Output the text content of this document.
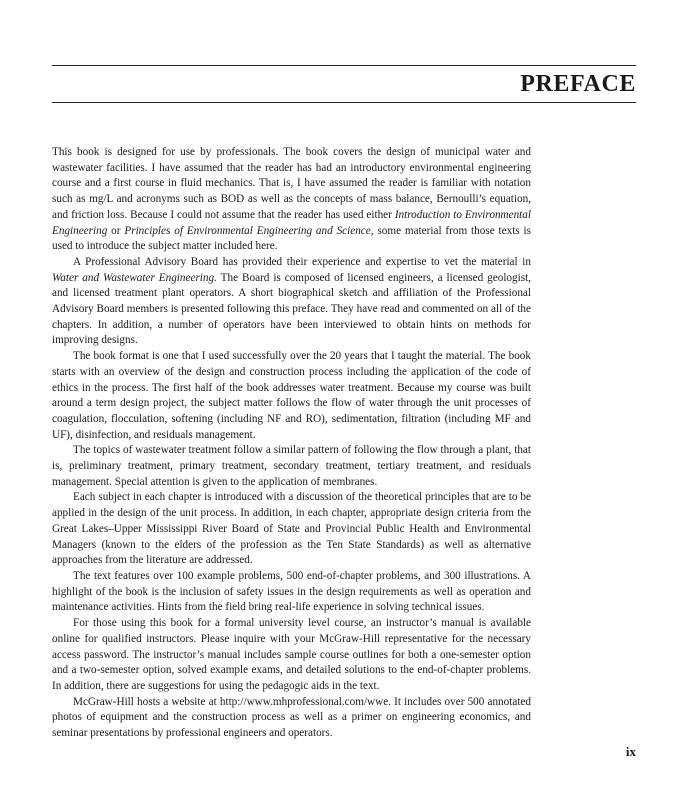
PREFACE

This book is designed for use by professionals. The book covers the design of municipal water and wastewater facilities. I have assumed that the reader has had an introductory environmental engineering course and a first course in fluid mechanics. That is, I have assumed the reader is familiar with notation such as mg/L and acronyms such as BOD as well as the concepts of mass balance, Bernoulli’s equation, and friction loss. Because I could not assume that the reader has used either Introduction to Environmental Engineering or Principles of Environmental Engineering and Science, some material from those texts is used to introduce the subject matter included here.

A Professional Advisory Board has provided their experience and expertise to vet the material in Water and Wastewater Engineering. The Board is composed of licensed engineers, a licensed geologist, and licensed treatment plant operators. A short biographical sketch and affiliation of the Professional Advisory Board members is presented following this preface. They have read and commented on all of the chapters. In addition, a number of operators have been interviewed to obtain hints on methods for improving designs.

The book format is one that I used successfully over the 20 years that I taught the material. The book starts with an overview of the design and construction process including the application of the code of ethics in the process. The first half of the book addresses water treatment. Because my course was built around a term design project, the subject matter follows the flow of water through the unit processes of coagulation, flocculation, softening (including NF and RO), sedimentation, filtration (including MF and UF), disinfection, and residuals management.

The topics of wastewater treatment follow a similar pattern of following the flow through a plant, that is, preliminary treatment, primary treatment, secondary treatment, tertiary treatment, and residuals management. Special attention is given to the application of membranes.

Each subject in each chapter is introduced with a discussion of the theoretical principles that are to be applied in the design of the unit process. In addition, in each chapter, appropriate design criteria from the Great Lakes–Upper Mississippi River Board of State and Provincial Public Health and Environmental Managers (known to the elders of the profession as the Ten State Standards) as well as alternative approaches from the literature are addressed.

The text features over 100 example problems, 500 end-of-chapter problems, and 300 illustrations. A highlight of the book is the inclusion of safety issues in the design requirements as well as operation and maintenance activities. Hints from the field bring real-life experience in solving technical issues.

For those using this book for a formal university level course, an instructor’s manual is available online for qualified instructors. Please inquire with your McGraw-Hill representative for the necessary access password. The instructor’s manual includes sample course outlines for both a one-semester option and a two-semester option, solved example exams, and detailed solutions to the end-of-chapter problems. In addition, there are suggestions for using the pedagogic aids in the text.

McGraw-Hill hosts a website at http://www.mhprofessional.com/wwe. It includes over 500 annotated photos of equipment and the construction process as well as a primer on engineering economics, and seminar presentations by professional engineers and operators.

ix
